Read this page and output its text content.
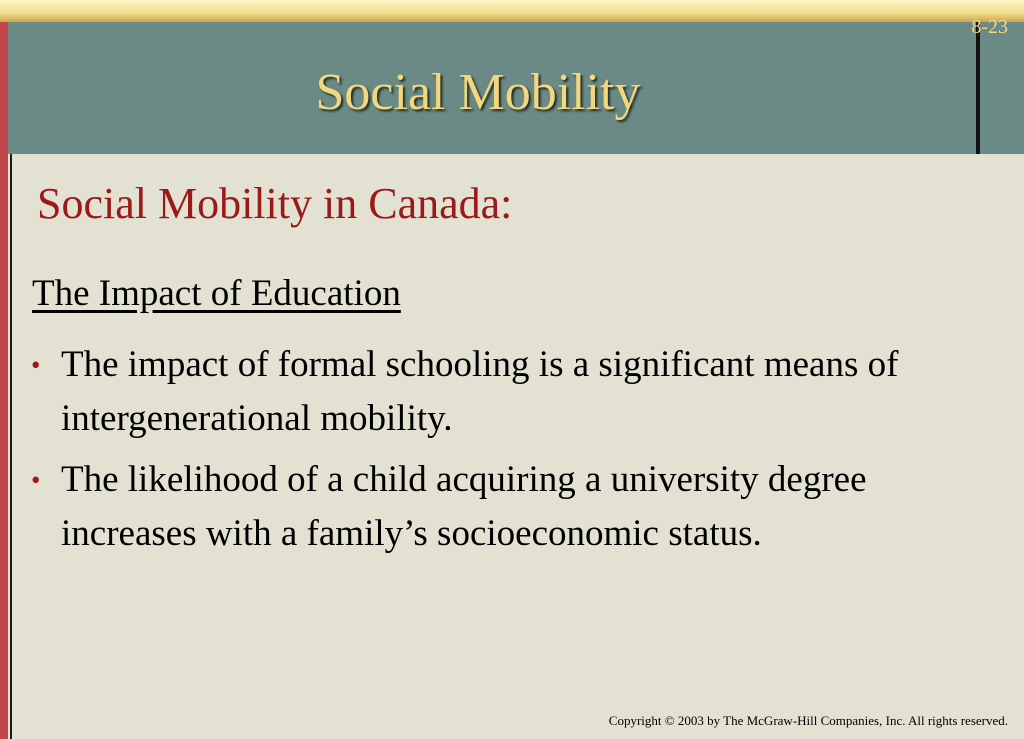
8-23
Social Mobility
Social Mobility in Canada:
The Impact of Education
• The impact of formal schooling is a significant means of intergenerational mobility.
• The likelihood of a child acquiring a university degree increases with a family’s socioeconomic status.
Copyright © 2003 by The McGraw-Hill Companies, Inc. All rights reserved.
